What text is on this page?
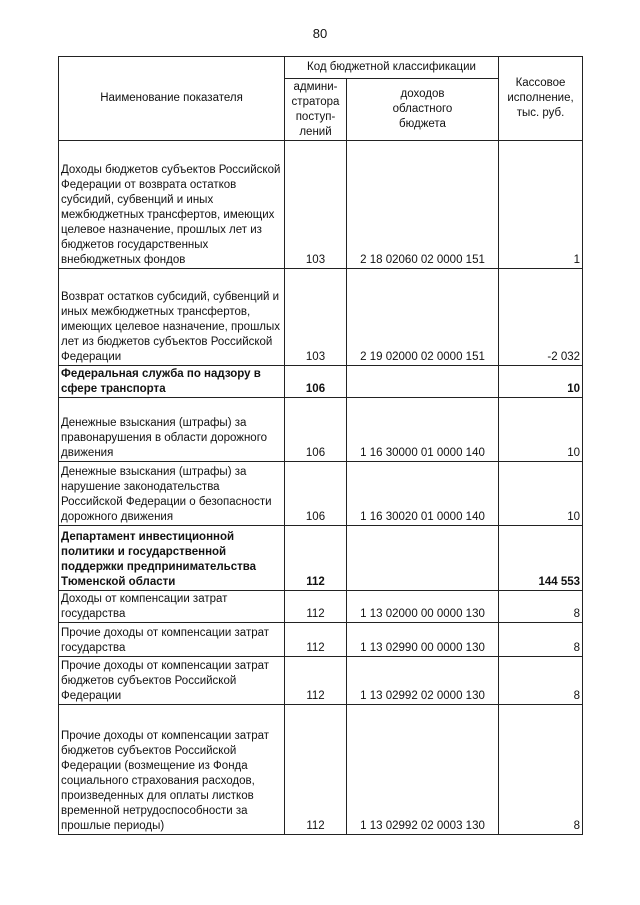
80
Наименование показателя	Код бюджетной классификации		Кассовое исполнение, тыс. руб.
	админи-стратора поступ-лений	доходов областного бюджета	
Доходы бюджетов субъектов Российской Федерации от возврата остатков субсидий, субвенций и иных межбюджетных трансфертов, имеющих целевое назначение, прошлых лет из бюджетов государственных внебюджетных фондов	103	2 18 02060 02 0000 151	1
Возврат остатков субсидий, субвенций и иных межбюджетных трансфертов, имеющих целевое назначение, прошлых лет из бюджетов субъектов Российской Федерации	103	2 19 02000 02 0000 151	-2 032
Федеральная служба по надзору в сфере транспорта	106		10
Денежные взыскания (штрафы) за правонарушения в области дорожного движения	106	1 16 30000 01 0000 140	10
Денежные взыскания (штрафы) за нарушение законодательства Российской Федерации о безопасности дорожного движения	106	1 16 30020 01 0000 140	10
Департамент инвестиционной политики и государственной поддержки предпринимательства Тюменской области	112		144 553
Доходы от компенсации затрат государства	112	1 13 02000 00 0000 130	8
Прочие доходы от компенсации затрат государства	112	1 13 02990 00 0000 130	8
Прочие доходы от компенсации затрат бюджетов субъектов Российской Федерации	112	1 13 02992 02 0000 130	8
Прочие доходы от компенсации затрат бюджетов субъектов Российской Федерации (возмещение из Фонда социального страхования расходов, произведенных для оплаты листков временной нетрудоспособности за прошлые периоды)	112	1 13 02992 02 0003 130	8
